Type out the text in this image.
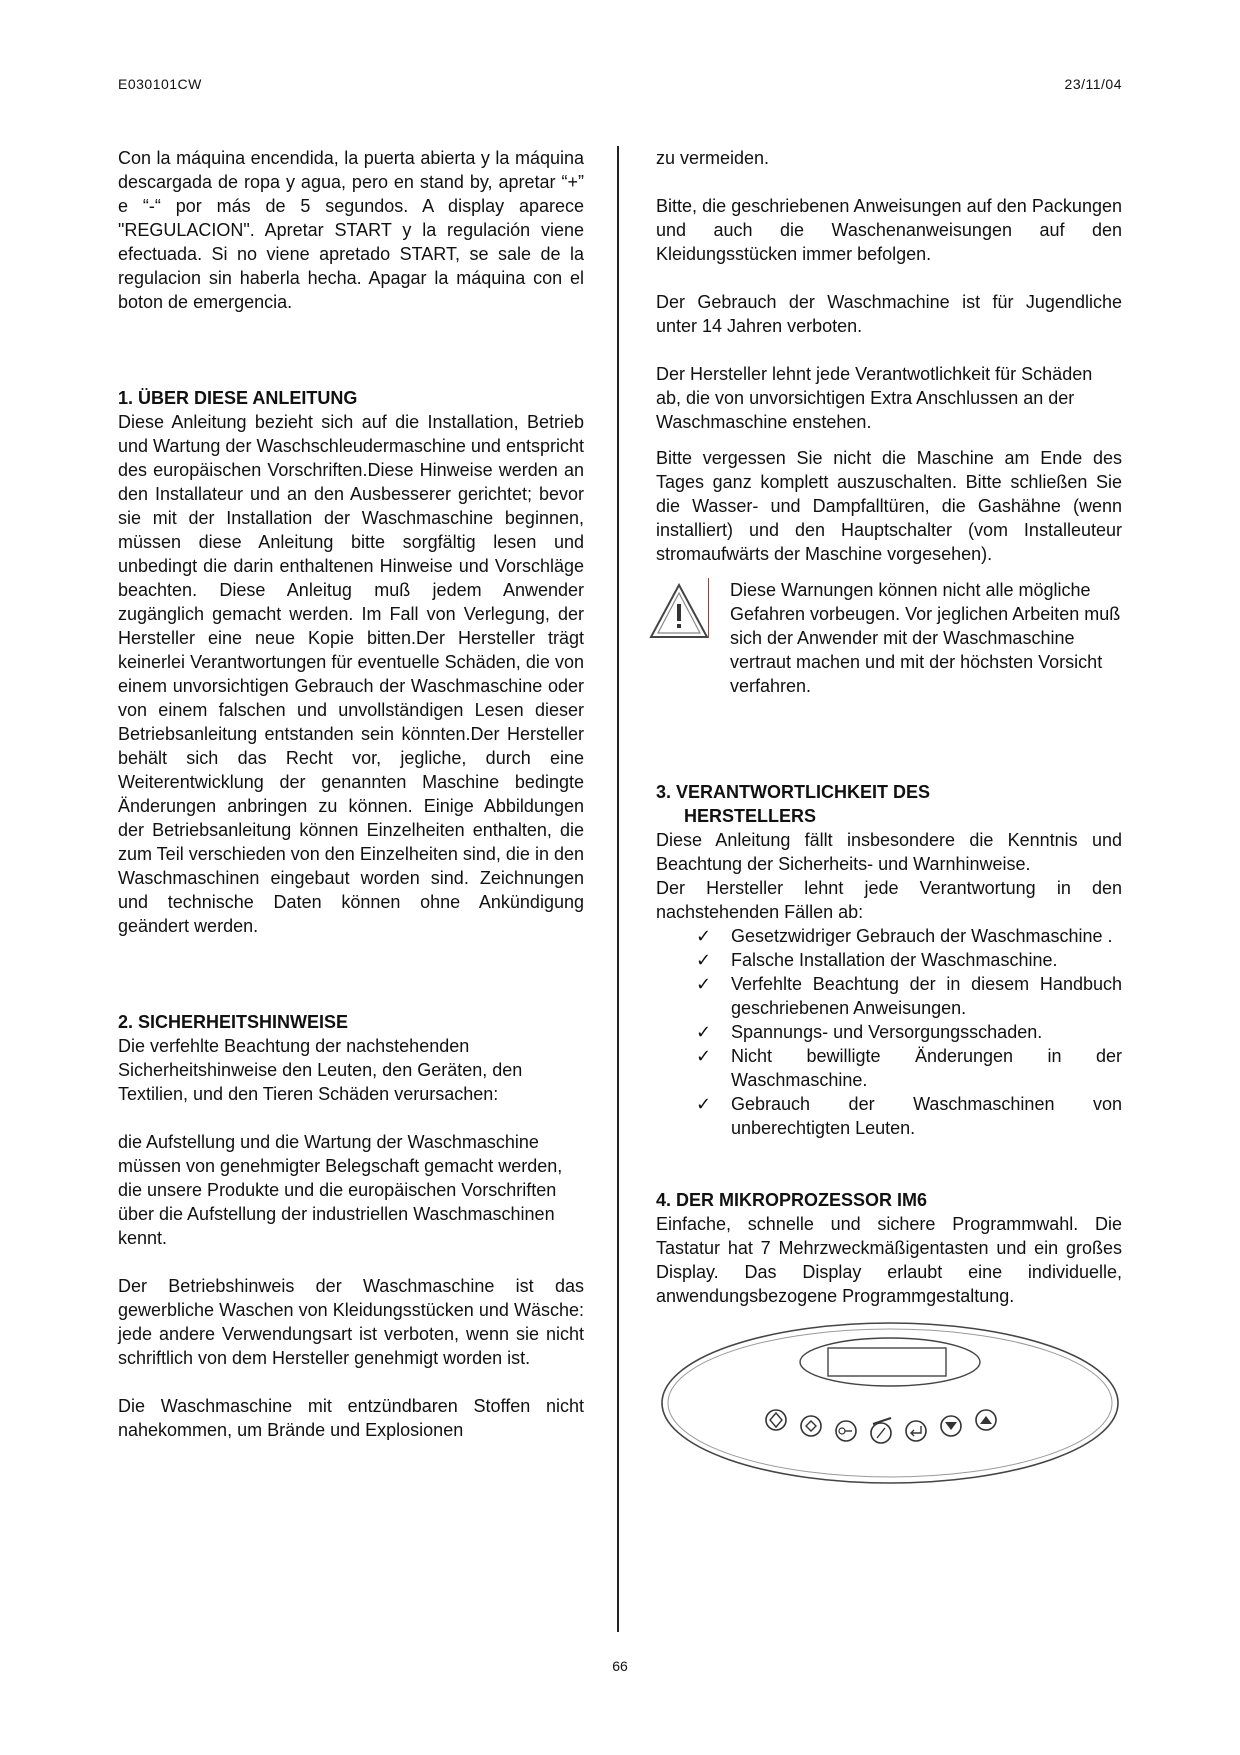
E030101CW	23/11/04

Con la máquina encendida, la puerta abierta y la máquina descargada de ropa y agua, pero en stand by, apretar “+” e “-“ por más de 5 segundos. A display aparece "REGULACION". Apretar START y la regulación viene efectuada. Si no viene apretado START, se sale de la regulacion sin haberla hecha. Apagar la máquina con el boton de emergencia.

1. ÜBER DIESE ANLEITUNG

Diese Anleitung bezieht sich auf die Installation, Betrieb und Wartung der Waschschleudermaschine und entspricht des europäischen Vorschriften.Diese Hinweise werden an den Installateur und an den Ausbesserer gerichtet; bevor sie mit der Installation der Waschmaschine beginnen, müssen diese Anleitung bitte sorgfältig lesen und unbedingt die darin enthaltenen Hinweise und Vorschläge beachten. Diese Anleitug muß jedem Anwender zugänglich gemacht werden. Im Fall von Verlegung, der Hersteller eine neue Kopie bitten.Der Hersteller trägt keinerlei Verantwortungen für eventuelle Schäden, die von einem unvorsichtigen Gebrauch der Waschmaschine oder von einem falschen und unvollständigen Lesen dieser Betriebsanleitung entstanden sein könnten.Der Hersteller behält sich das Recht vor, jegliche, durch eine Weiterentwicklung der genannten Maschine bedingte Änderungen anbringen zu können. Einige Abbildungen der Betriebsanleitung können Einzelheiten enthalten, die zum Teil verschieden von den Einzelheiten sind, die in den Waschmaschinen eingebaut worden sind. Zeichnungen und technische Daten können ohne Ankündigung geändert werden.

2. SICHERHEITSHINWEISE

Die verfehlte Beachtung der nachstehenden Sicherheitshinweise den Leuten, den Geräten, den Textilien, und den Tieren Schäden verursachen:

die Aufstellung und die Wartung der Waschmaschine müssen von genehmigter Belegschaft gemacht werden, die unsere Produkte und die europäischen Vorschriften über die Aufstellung der industriellen Waschmaschinen kennt.

Der Betriebshinweis der Waschmaschine ist das gewerbliche Waschen von Kleidungsstücken und Wäsche: jede andere Verwendungsart ist verboten, wenn sie nicht schriftlich von dem Hersteller genehmigt worden ist.

Die Waschmaschine mit entzündbaren Stoffen nicht nahekommen, um Brände und Explosionen

zu vermeiden.

Bitte, die geschriebenen Anweisungen auf den Packungen und auch die Waschenanweisungen auf den Kleidungsstücken immer befolgen.

Der Gebrauch der Waschmachine ist für Jugendliche unter 14 Jahren verboten.

Der Hersteller lehnt jede Verantwotlichkeit für Schäden ab, die von unvorsichtigen Extra Anschlussen an der Waschmaschine enstehen.

Bitte vergessen Sie nicht die Maschine am Ende des Tages ganz komplett auszuschalten. Bitte schließen Sie die Wasser- und Dampfalltüren, die Gashähne (wenn installiert) und den Hauptschalter (vom Installeuteur stromaufwärts der Maschine vorgesehen).

Diese Warnungen können nicht alle mögliche Gefahren vorbeugen. Vor jeglichen Arbeiten muß sich der Anwender mit der Waschmaschine vertraut machen und mit der höchsten Vorsicht verfahren.

3. VERANTWORTLICHKEIT DES
HERSTELLERS

Diese Anleitung fällt insbesondere die Kenntnis und Beachtung der Sicherheits- und Warnhinweise.

Der Hersteller lehnt jede Verantwortung in den nachstehenden Fällen ab:

✓ Gesetzwidriger Gebrauch der Waschmaschine .
✓ Falsche Installation der Waschmaschine.
✓ Verfehlte Beachtung der in diesem Handbuch geschriebenen Anweisungen.
✓ Spannungs- und Versorgungsschaden.
✓ Nicht bewilligte Änderungen in der Waschmaschine.
✓ Gebrauch der Waschmaschinen von unberechtigten Leuten.
4. DER MIKROPROZESSOR IM6

Einfache, schnelle und sichere Programmwahl. Die Tastatur hat 7 Mehrzweckmäßigentasten und ein großes Display. Das Display erlaubt eine individuelle, anwendungsbezogene Programmgestaltung.

66
